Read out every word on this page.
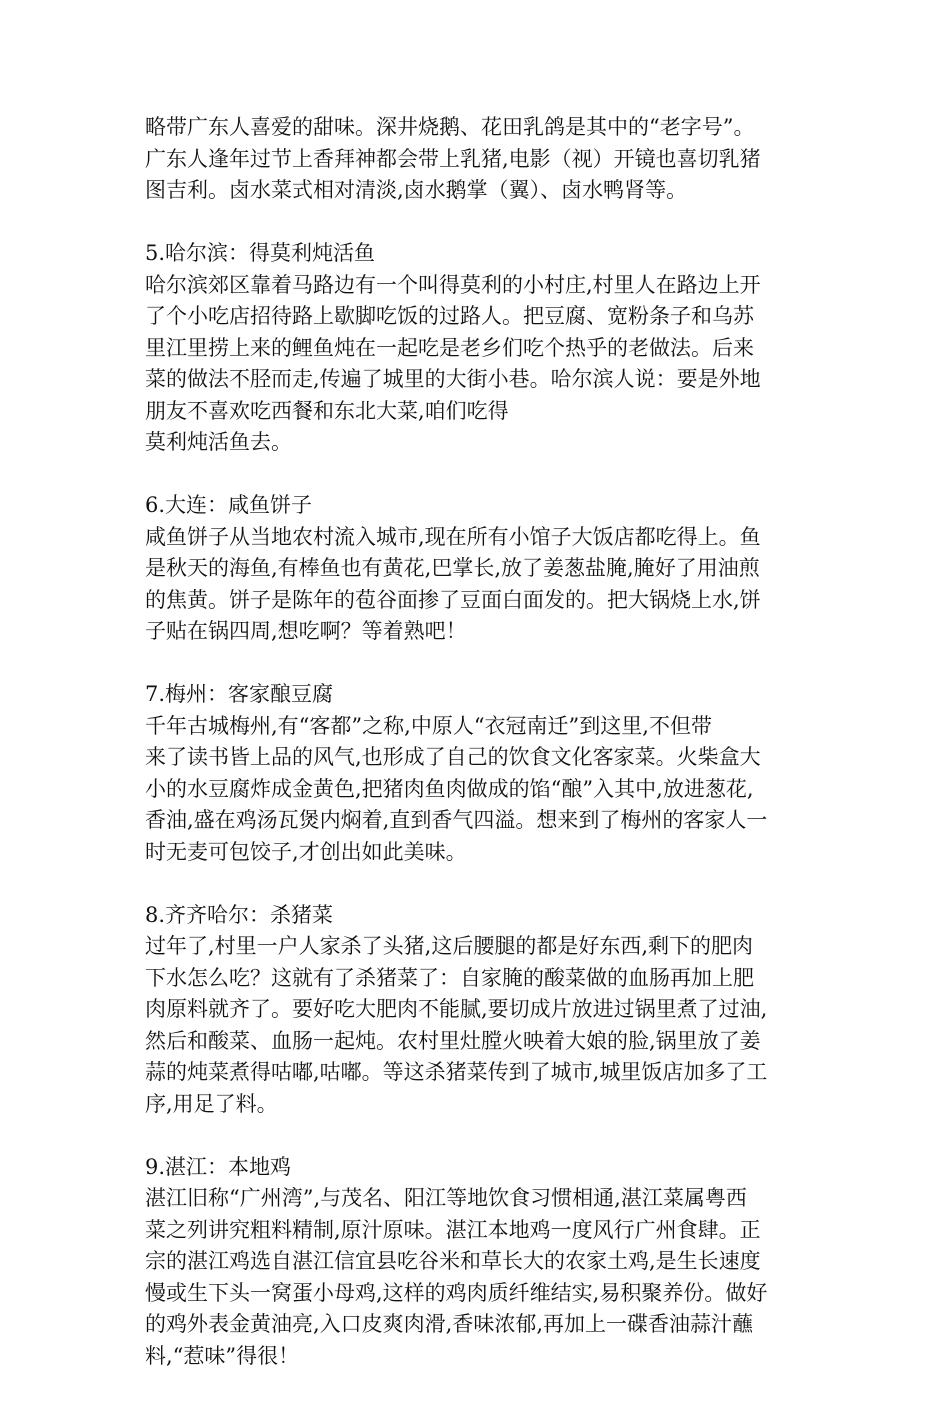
略带广东人喜爱的甜味。深井烧鹅、花田乳鸽是其中的“老字号”。
广东人逢年过节上香拜神都会带上乳猪,电影（视）开镜也喜切乳猪
图吉利。卤水菜式相对清淡,卤水鹅掌（翼）、卤水鸭肾等。
5.哈尔滨：得莫利炖活鱼
哈尔滨郊区靠着马路边有一个叫得莫利的小村庄,村里人在路边上开
了个小吃店招待路上歇脚吃饭的过路人。把豆腐、宽粉条子和乌苏
里江里捞上来的鲤鱼炖在一起吃是老乡们吃个热乎的老做法。后来
菜的做法不胫而走,传遍了城里的大街小巷。哈尔滨人说：要是外地
朋友不喜欢吃西餐和东北大菜,咱们吃得
莫利炖活鱼去。
6.大连：咸鱼饼子
咸鱼饼子从当地农村流入城市,现在所有小馆子大饭店都吃得上。鱼
是秋天的海鱼,有棒鱼也有黄花,巴掌长,放了姜葱盐腌,腌好了用油煎
的焦黄。饼子是陈年的苞谷面掺了豆面白面发的。把大锅烧上水,饼
子贴在锅四周,想吃啊？等着熟吧！
7.梅州：客家酿豆腐
千年古城梅州,有“客都”之称,中原人“衣冠南迁”到这里,不但带
来了读书皆上品的风气,也形成了自己的饮食文化客家菜。火柴盒大
小的水豆腐炸成金黄色,把猪肉鱼肉做成的馅“酿”入其中,放进葱花,
香油,盛在鸡汤瓦煲内焖着,直到香气四溢。想来到了梅州的客家人一
时无麦可包饺子,才创出如此美味。
8.齐齐哈尔：杀猪菜
过年了,村里一户人家杀了头猪,这后腰腿的都是好东西,剩下的肥肉
下水怎么吃？这就有了杀猪菜了：自家腌的酸菜做的血肠再加上肥
肉原料就齐了。要好吃大肥肉不能腻,要切成片放进过锅里煮了过油,
然后和酸菜、血肠一起炖。农村里灶膛火映着大娘的脸,锅里放了姜
蒜的炖菜煮得咕嘟,咕嘟。等这杀猪菜传到了城市,城里饭店加多了工
序,用足了料。
9.湛江：本地鸡
湛江旧称“广州湾”,与茂名、阳江等地饮食习惯相通,湛江菜属粤西
菜之列讲究粗料精制,原汁原味。湛江本地鸡一度风行广州食肆。正
宗的湛江鸡选自湛江信宜县吃谷米和草长大的农家土鸡,是生长速度
慢或生下头一窝蛋小母鸡,这样的鸡肉质纤维结实,易积聚养份。做好
的鸡外表金黄油亮,入口皮爽肉滑,香味浓郁,再加上一碟香油蒜汁蘸
料,“惹味”得很！
